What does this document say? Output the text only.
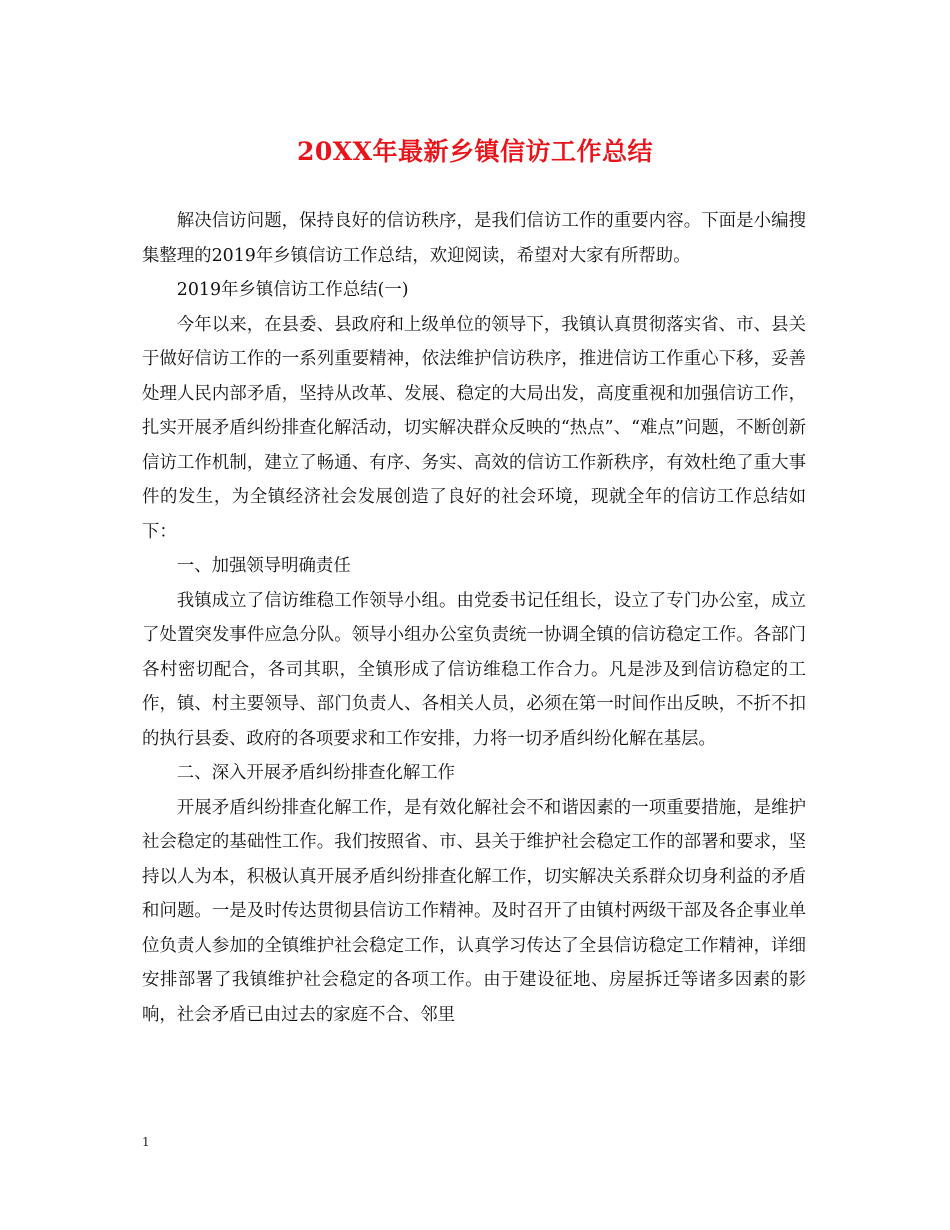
20XX年最新乡镇信访工作总结

解决信访问题，保持良好的信访秩序，是我们信访工作的重要内容。下面是小编搜集整理的2019年乡镇信访工作总结，欢迎阅读，希望对大家有所帮助。

2019年乡镇信访工作总结(一)

今年以来，在县委、县政府和上级单位的领导下，我镇认真贯彻落实省、市、县关于做好信访工作的一系列重要精神，依法维护信访秩序，推进信访工作重心下移，妥善处理人民内部矛盾，坚持从改革、发展、稳定的大局出发，高度重视和加强信访工作，扎实开展矛盾纠纷排查化解活动，切实解决群众反映的“热点”、“难点”问题，不断创新信访工作机制，建立了畅通、有序、务实、高效的信访工作新秩序，有效杜绝了重大事件的发生，为全镇经济社会发展创造了良好的社会环境，现就全年的信访工作总结如下：

一、加强领导明确责任

我镇成立了信访维稳工作领导小组。由党委书记任组长，设立了专门办公室，成立了处置突发事件应急分队。领导小组办公室负责统一协调全镇的信访稳定工作。各部门各村密切配合，各司其职，全镇形成了信访维稳工作合力。凡是涉及到信访稳定的工作，镇、村主要领导、部门负责人、各相关人员，必须在第一时间作出反映，不折不扣的执行县委、政府的各项要求和工作安排，力将一切矛盾纠纷化解在基层。

二、深入开展矛盾纠纷排查化解工作

开展矛盾纠纷排查化解工作，是有效化解社会不和谐因素的一项重要措施，是维护社会稳定的基础性工作。我们按照省、市、县关于维护社会稳定工作的部署和要求，坚持以人为本，积极认真开展矛盾纠纷排查化解工作，切实解决关系群众切身利益的矛盾和问题。一是及时传达贯彻县信访工作精神。及时召开了由镇村两级干部及各企事业单位负责人参加的全镇维护社会稳定工作，认真学习传达了全县信访稳定工作精神，详细安排部署了我镇维护社会稳定的各项工作。由于建设征地、房屋拆迁等诸多因素的影响，社会矛盾已由过去的家庭不合、邻里

1
